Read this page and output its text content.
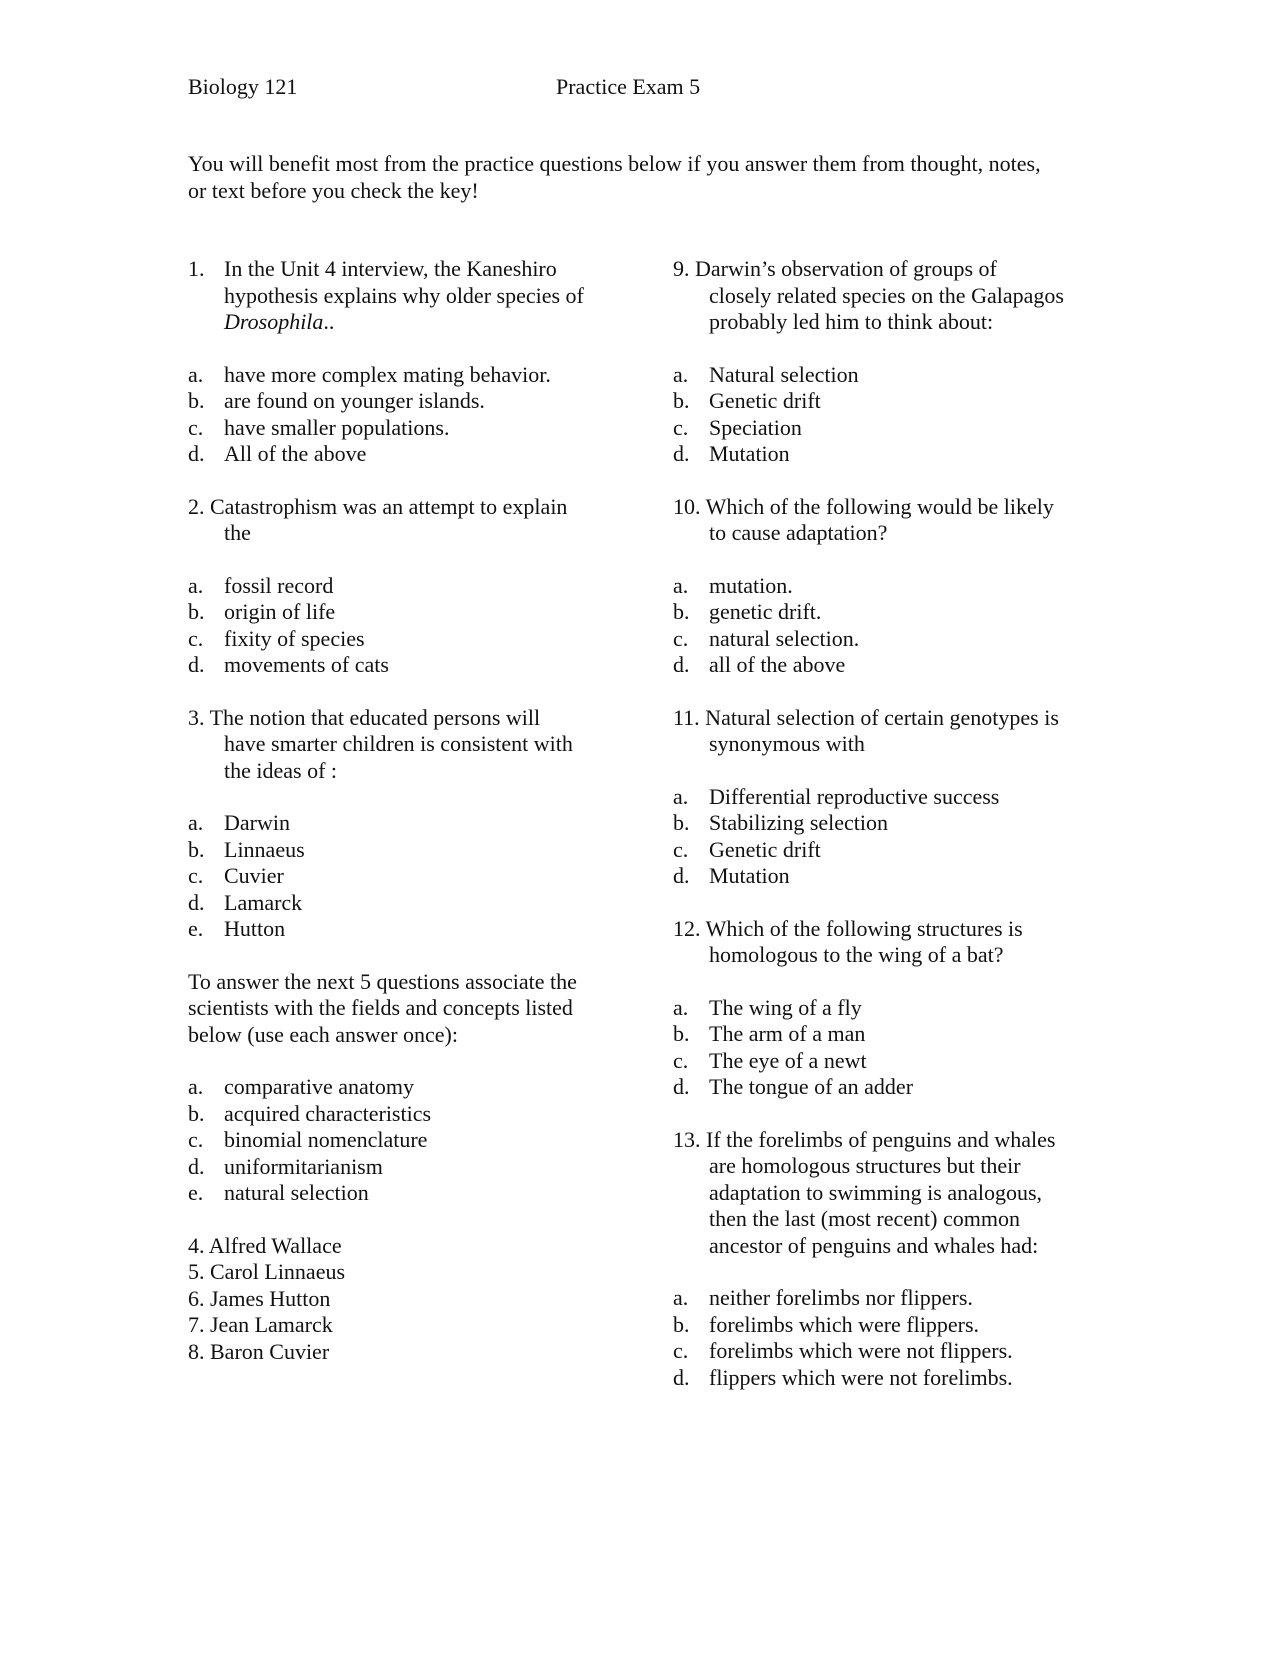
Biology 121	Practice Exam 5
You will benefit most from the practice questions below if you answer them from thought, notes,
or text before you check the key!
1. In the Unit 4 interview, the Kaneshiro
hypothesis explains why older species of
Drosophila..
a. have more complex mating behavior.
b. are found on younger islands.
c. have smaller populations.
d. All of the above
2. Catastrophism was an attempt to explain
the
a. fossil record
b. origin of life
c. fixity of species
d. movements of cats
3. The notion that educated persons will
have smarter children is consistent with
the ideas of :
a. Darwin
b. Linnaeus
c. Cuvier
d. Lamarck
e. Hutton
To answer the next 5 questions associate the
scientists with the fields and concepts listed
below (use each answer once):
a. comparative anatomy
b. acquired characteristics
c. binomial nomenclature
d. uniformitarianism
e. natural selection
4. Alfred Wallace
5. Carol Linnaeus
6. James Hutton
7. Jean Lamarck
8. Baron Cuvier
9. Darwin’s observation of groups of
closely related species on the Galapagos
probably led him to think about:
a. Natural selection
b. Genetic drift
c. Speciation
d. Mutation
10. Which of the following would be likely
to cause adaptation?
a. mutation.
b. genetic drift.
c. natural selection.
d. all of the above
11. Natural selection of certain genotypes is
synonymous with
a. Differential reproductive success
b. Stabilizing selection
c. Genetic drift
d. Mutation
12. Which of the following structures is
homologous to the wing of a bat?
a. The wing of a fly
b. The arm of a man
c. The eye of a newt
d. The tongue of an adder
13. If the forelimbs of penguins and whales
are homologous structures but their
adaptation to swimming is analogous,
then the last (most recent) common
ancestor of penguins and whales had:
a. neither forelimbs nor flippers.
b. forelimbs which were flippers.
c. forelimbs which were not flippers.
d. flippers which were not forelimbs.
